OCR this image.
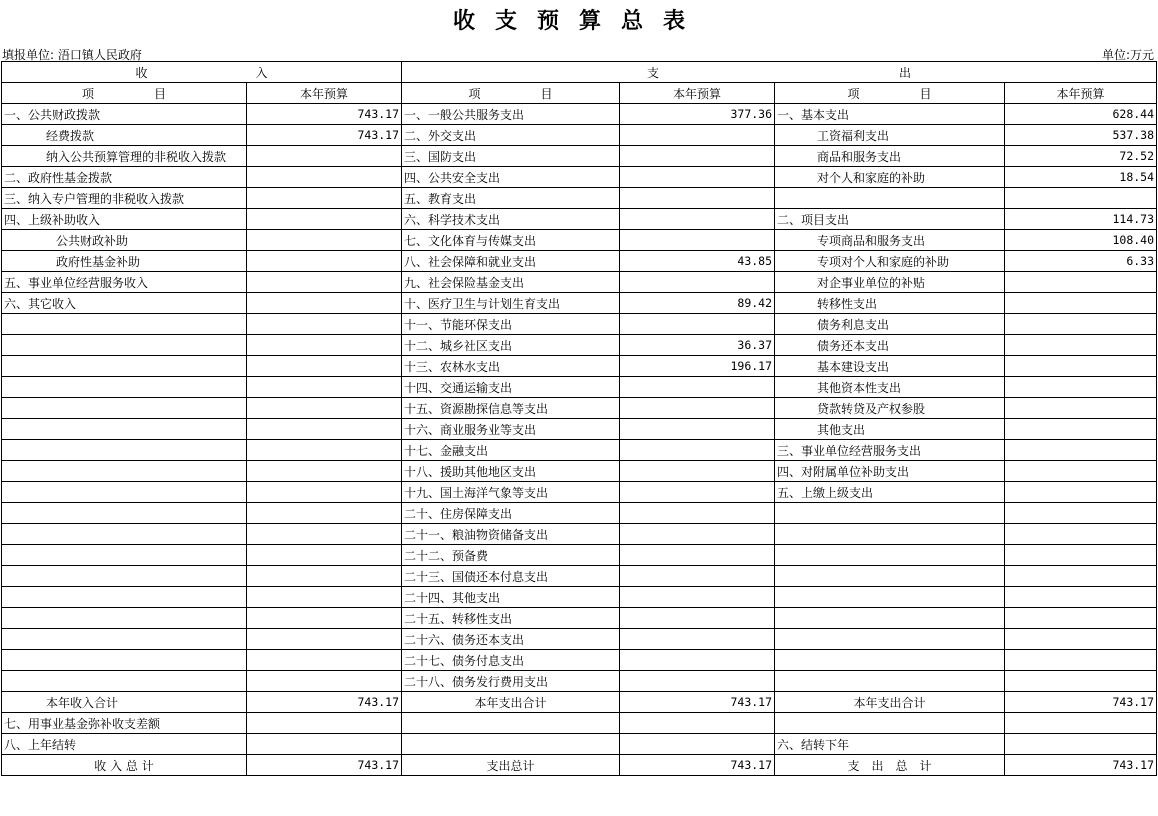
收支预算总表
填报单位: 浯口镇人民政府	单位:万元
收　　　　　　　　　入		支　　　　　　　　　　　　　　　　　　　　出			
项　　　　　目	本年预算	项　　　　　目	本年预算	项　　　　　目	本年预算
一、公共财政拨款	743.17	一、一般公共服务支出	377.36	一、基本支出	628.44
经费拨款	743.17	二、外交支出		工资福利支出	537.38
纳入公共预算管理的非税收入拨款		三、国防支出		商品和服务支出	72.52
二、政府性基金拨款		四、公共安全支出		对个人和家庭的补助	18.54
三、纳入专户管理的非税收入拨款		五、教育支出			
四、上级补助收入		六、科学技术支出		二、项目支出	114.73
公共财政补助		七、文化体育与传媒支出		专项商品和服务支出	108.40
政府性基金补助		八、社会保障和就业支出	43.85	专项对个人和家庭的补助	6.33
五、事业单位经营服务收入		九、社会保险基金支出		对企事业单位的补贴	
六、其它收入		十、医疗卫生与计划生育支出	89.42	转移性支出	
		十一、节能环保支出		债务利息支出	
		十二、城乡社区支出	36.37	债务还本支出	
		十三、农林水支出	196.17	基本建设支出	
		十四、交通运输支出		其他资本性支出	
		十五、资源勘探信息等支出		贷款转贷及产权参股	
		十六、商业服务业等支出		其他支出	
		十七、金融支出		三、事业单位经营服务支出	
		十八、援助其他地区支出		四、对附属单位补助支出	
		十九、国土海洋气象等支出		五、上缴上级支出	
		二十、住房保障支出			
		二十一、粮油物资储备支出			
		二十二、预备费			
		二十三、国债还本付息支出			
		二十四、其他支出			
		二十五、转移性支出			
		二十六、债务还本支出			
		二十七、债务付息支出			
		二十八、债务发行费用支出			
本年收入合计	743.17	本年支出合计	743.17	本年支出合计	743.17
七、用事业基金弥补收支差额					
八、上年结转				六、结转下年	
收 入 总 计	743.17	支出总计	743.17	支　出　总　计	743.17
